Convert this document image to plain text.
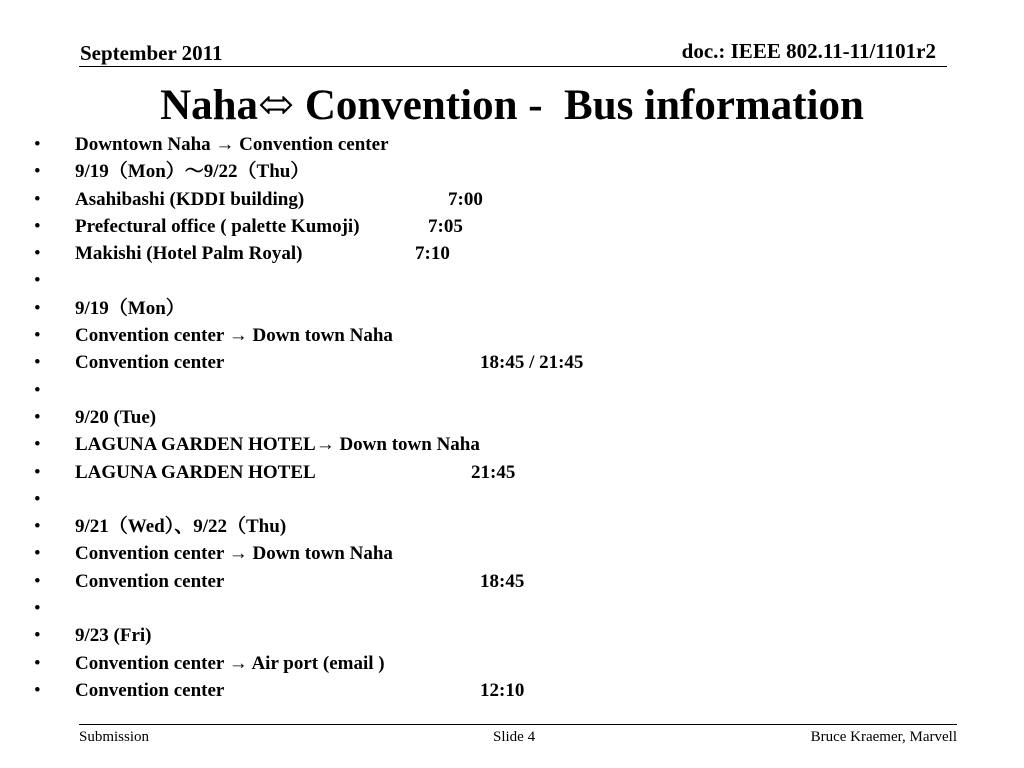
September 2011	doc.: IEEE 802.11-11/1101r2
Naha⬄ Convention -  Bus information
• Downtown Naha → Convention center
• 9/19（Mon）～9/22（Thu）
• Asahibashi (KDDI building)	7:00
• Prefectural office ( palette Kumoji)	7:05
• Makishi (Hotel Palm Royal)	7:10
•
• 9/19（Mon）
• Convention center → Down town Naha
• Convention center	18:45 / 21:45
•
• 9/20 (Tue)
• LAGUNA GARDEN HOTEL→ Down town Naha
• LAGUNA GARDEN HOTEL	21:45
•
• 9/21（Wed）、9/22（Thu)
• Convention center → Down town Naha
• Convention center	18:45
•
• 9/23 (Fri)
• Convention center → Air port (email )
• Convention center	12:10
Submission	Slide 4	Bruce Kraemer, Marvell
